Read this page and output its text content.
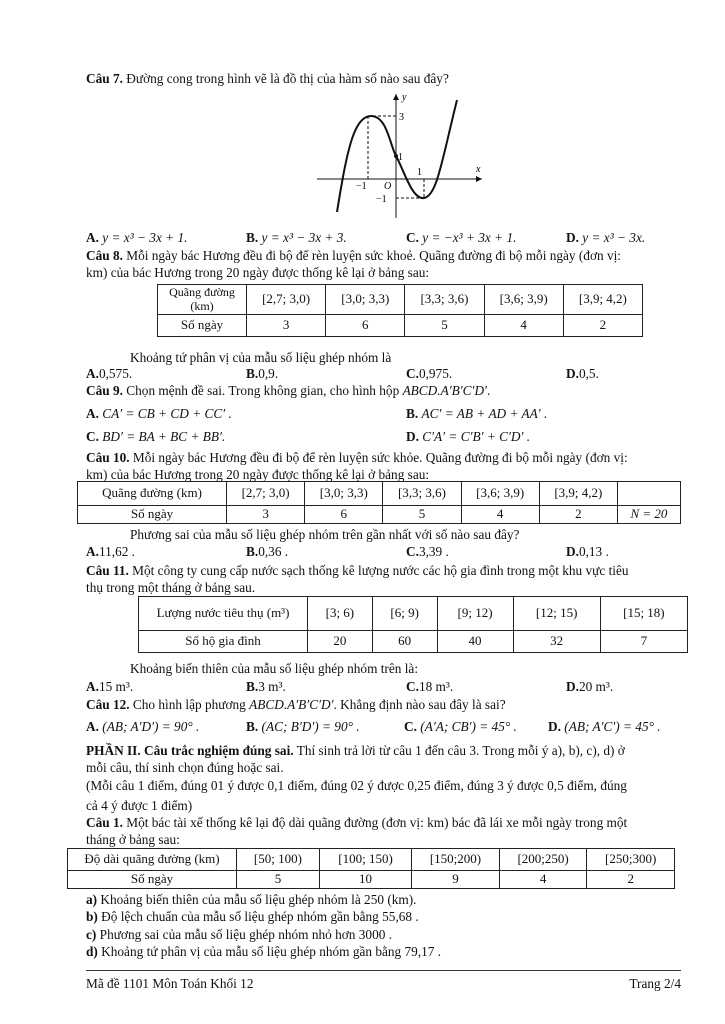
Câu 7. Đường cong trong hình vẽ là đồ thị của hàm số nào sau đây?
y
x
3
1
−1 O
−1
1
A. y = x³ − 3x + 1.	B. y = x³ − 3x + 3.	C. y = −x³ + 3x + 1.	D. y = x³ − 3x.
Câu 8. Mỗi ngày bác Hương đều đi bộ để rèn luyện sức khoẻ. Quãng đường đi bộ mỗi ngày (đơn vị:
km) của bác Hương trong 20 ngày được thống kê lại ở bảng sau:
Quãng đường (km)	[2,7; 3,0)	[3,0; 3,3)	[3,3; 3,6)	[3,6; 3,9)	[3,9; 4,2)
Số ngày	3	6	5	4	2
Khoảng tứ phân vị của mẫu số liệu ghép nhóm là
A. 0,575.	B. 0,9.	C. 0,975.	D. 0,5.
Câu 9. Chọn mệnh đề sai. Trong không gian, cho hình hộp ABCD.A′B′C′D′.
A. CA′ = CB + CD + CC′ .	B. AC′ = AB + AD + AA′ .
C. BD′ = BA + BC + BB′.	D. C′A′ = C′B′ + C′D′ .
Câu 10. Mỗi ngày bác Hương đều đi bộ để rèn luyện sức khỏe. Quãng đường đi bộ mỗi ngày (đơn vị:
km) của bác Hương trong 20 ngày được thống kê lại ở bảng sau:
Quãng đường (km)	[2,7; 3,0)	[3,0; 3,3)	[3,3; 3,6)	[3,6; 3,9)	[3,9; 4,2)	
Số ngày	3	6	5	4	2	N = 20
Phương sai của mẫu số liệu ghép nhóm trên gần nhất với số nào sau đây?
A. 11,62 .	B. 0,36 .	C. 3,39 .	D. 0,13 .
Câu 11. Một công ty cung cấp nước sạch thống kê lượng nước các hộ gia đình trong một khu vực tiêu
thụ trong một tháng ở bảng sau.
Lượng nước tiêu thụ (m³)	[3; 6)	[6; 9)	[9; 12)	[12; 15)	[15; 18)
Số hộ gia đình	20	60	40	32	7
Khoảng biến thiên của mẫu số liệu ghép nhóm trên là:
A. 15 m³.	B. 3 m³.	C. 18 m³.	D. 20 m³.
Câu 12. Cho hình lập phương ABCD.A′B′C′D′. Khẳng định nào sau đây là sai?
A. (AB; A′D′) = 90° .	B. (AC; B′D′) = 90° .	C. (A′A; CB′) = 45° . D. (AB; A′C′) = 45° .
PHẦN II. Câu trắc nghiệm đúng sai. Thí sinh trả lời từ câu 1 đến câu 3. Trong mỗi ý a), b), c), d) ở
mỗi câu, thí sinh chọn đúng hoặc sai.
(Mỗi câu 1 điểm, đúng 01 ý được 0,1 điểm, đúng 02 ý được 0,25 điểm, đúng 3 ý được 0,5 điểm, đúng
cả 4 ý được 1 điểm)
Câu 1. Một bác tài xế thống kê lại độ dài quãng đường (đơn vị: km) bác đã lái xe mỗi ngày trong một
tháng ở bảng sau:
Độ dài quãng đường (km)	[50; 100)	[100; 150)	[150;200)	[200;250)	[250;300)
Số ngày	5	10	9	4	2
a) Khoảng biến thiên của mẫu số liệu ghép nhóm là 250 (km).
b) Độ lệch chuẩn của mẫu số liệu ghép nhóm gần bằng 55,68 .
c) Phương sai của mẫu số liệu ghép nhóm nhỏ hơn 3000 .
d) Khoảng tứ phân vị của mẫu số liệu ghép nhóm gần bằng 79,17 .
Mã đề 1101 Môn Toán Khối 12	Trang 2/4
